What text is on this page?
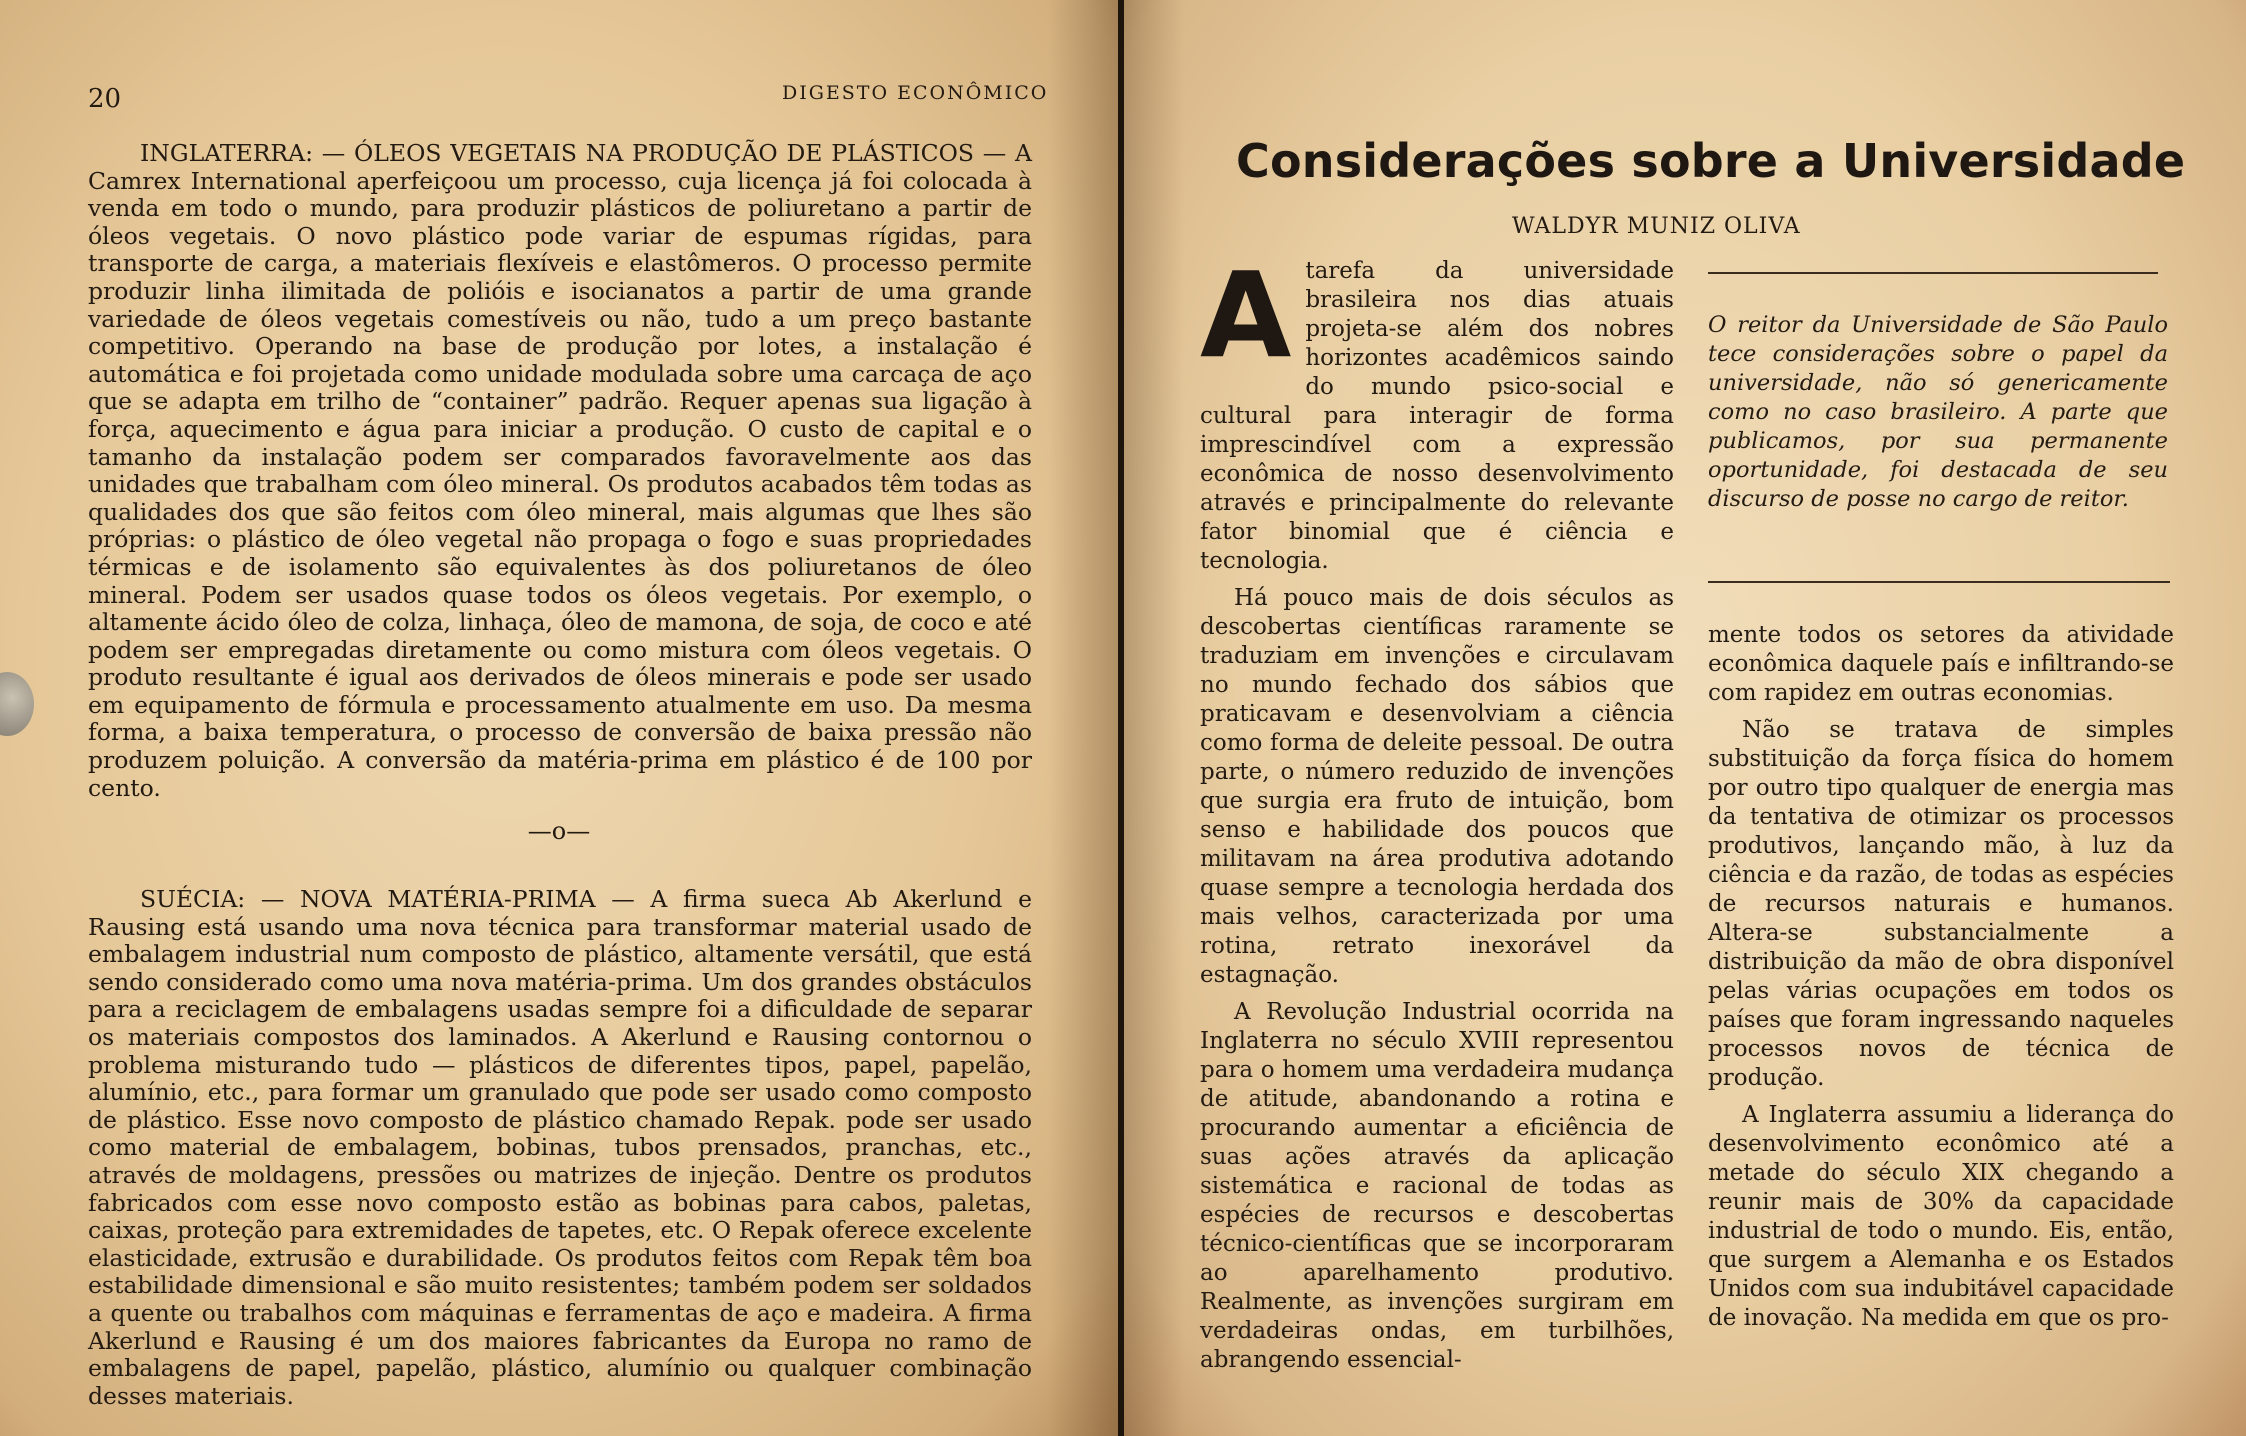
20	DIGESTO ECONÔMICO

INGLATERRA: — ÓLEOS VEGETAIS NA PRODUÇÃO DE PLÁSTICOS — A Camrex International aperfeiçoou um processo, cuja licença já foi colocada à venda em todo o mundo, para produzir plásticos de poliuretano a partir de óleos vegetais. O novo plástico pode variar de espumas rígidas, para transporte de carga, a materiais flexíveis e elastômeros. O processo permite produzir linha ilimitada de polióis e isocianatos a partir de uma grande variedade de óleos vegetais comestíveis ou não, tudo a um preço bastante competitivo. Operando na base de produção por lotes, a instalação é automática e foi projetada como unidade modulada sobre uma carcaça de aço que se adapta em trilho de “container” padrão. Requer apenas sua ligação à força, aquecimento e água para iniciar a produção. O custo de capital e o tamanho da instalação podem ser comparados favoravelmente aos das unidades que trabalham com óleo mineral. Os produtos acabados têm todas as qualidades dos que são feitos com óleo mineral, mais algumas que lhes são próprias: o plástico de óleo vegetal não propaga o fogo e suas propriedades térmicas e de isolamento são equivalentes às dos poliuretanos de óleo mineral. Podem ser usados quase todos os óleos vegetais. Por exemplo, o altamente ácido óleo de colza, linhaça, óleo de mamona, de soja, de coco e até podem ser empregadas diretamente ou como mistura com óleos vegetais. O produto resultante é igual aos derivados de óleos minerais e pode ser usado em equipamento de fórmula e processamento atualmente em uso. Da mesma forma, a baixa temperatura, o processo de conversão de baixa pressão não produzem poluição. A conversão da matéria-prima em plástico é de 100 por cento.

—o—

SUÉCIA: — NOVA MATÉRIA-PRIMA — A firma sueca Ab Akerlund e Rausing está usando uma nova técnica para transformar material usado de embalagem industrial num composto de plástico, altamente versátil, que está sendo considerado como uma nova matéria-prima. Um dos grandes obstáculos para a reciclagem de embalagens usadas sempre foi a dificuldade de separar os materiais compostos dos laminados. A Akerlund e Rausing contornou o problema misturando tudo — plásticos de diferentes tipos, papel, papelão, alumínio, etc., para formar um granulado que pode ser usado como composto de plástico. Esse novo composto de plástico chamado Repak. pode ser usado como material de embalagem, bobinas, tubos prensados, pranchas, etc., através de moldagens, pressões ou matrizes de injeção. Dentre os produtos fabricados com esse novo composto estão as bobinas para cabos, paletas, caixas, proteção para extremidades de tapetes, etc. O Repak oferece excelente elasticidade, extrusão e durabilidade. Os produtos feitos com Repak têm boa estabilidade dimensional e são muito resistentes; também podem ser soldados a quente ou trabalhos com máquinas e ferramentas de aço e madeira. A firma Akerlund e Rausing é um dos maiores fabricantes da Europa no ramo de embalagens de papel, papelão, plástico, alumínio ou qualquer combinação desses materiais.

Considerações sobre a Universidade
WALDYR MUNIZ OLIVA

Atarefa da universidade brasileira nos dias atuais projeta-se além dos nobres horizontes acadêmicos saindo do mundo psico-social e cultural para interagir de forma imprescindível com a expressão econômica de nosso desenvolvimento através e principalmente do relevante fator binomial que é ciência e tecnologia.

Há pouco mais de dois séculos as descobertas científicas raramente se traduziam em invenções e circulavam no mundo fechado dos sábios que praticavam e desenvolviam a ciência como forma de deleite pessoal. De outra parte, o número reduzido de invenções que surgia era fruto de intuição, bom senso e habilidade dos poucos que militavam na área produtiva adotando quase sempre a tecnologia herdada dos mais velhos, caracterizada por uma rotina, retrato inexorável da estagnação.

A Revolução Industrial ocorrida na Inglaterra no século XVIII representou para o homem uma verdadeira mudança de atitude, abandonando a rotina e procurando aumentar a eficiência de suas ações através da aplicação sistemática e racional de todas as espécies de recursos e descobertas técnico-científicas que se incorporaram ao aparelhamento produtivo. Realmente, as invenções surgiram em verdadeiras ondas, em turbilhões, abrangendo essencial-

O reitor da Universidade de São Paulo tece considerações sobre o papel da universidade, não só genericamente como no caso brasileiro. A parte que publicamos, por sua permanente oportunidade, foi destacada de seu discurso de posse no cargo de reitor.

mente todos os setores da atividade econômica daquele país e infiltrando-se com rapidez em outras economias.

Não se tratava de simples substituição da força física do homem por outro tipo qualquer de energia mas da tentativa de otimizar os processos produtivos, lançando mão, à luz da ciência e da razão, de todas as espécies de recursos naturais e humanos. Altera-se substancialmente a distribuição da mão de obra disponível pelas várias ocupações em todos os países que foram ingressando naqueles processos novos de técnica de produção.

A Inglaterra assumiu a liderança do desenvolvimento econômico até a metade do século XIX chegando a reunir mais de 30% da capacidade industrial de todo o mundo. Eis, então, que surgem a Alemanha e os Estados Unidos com sua indubitável capacidade de inovação. Na medida em que os pro-
